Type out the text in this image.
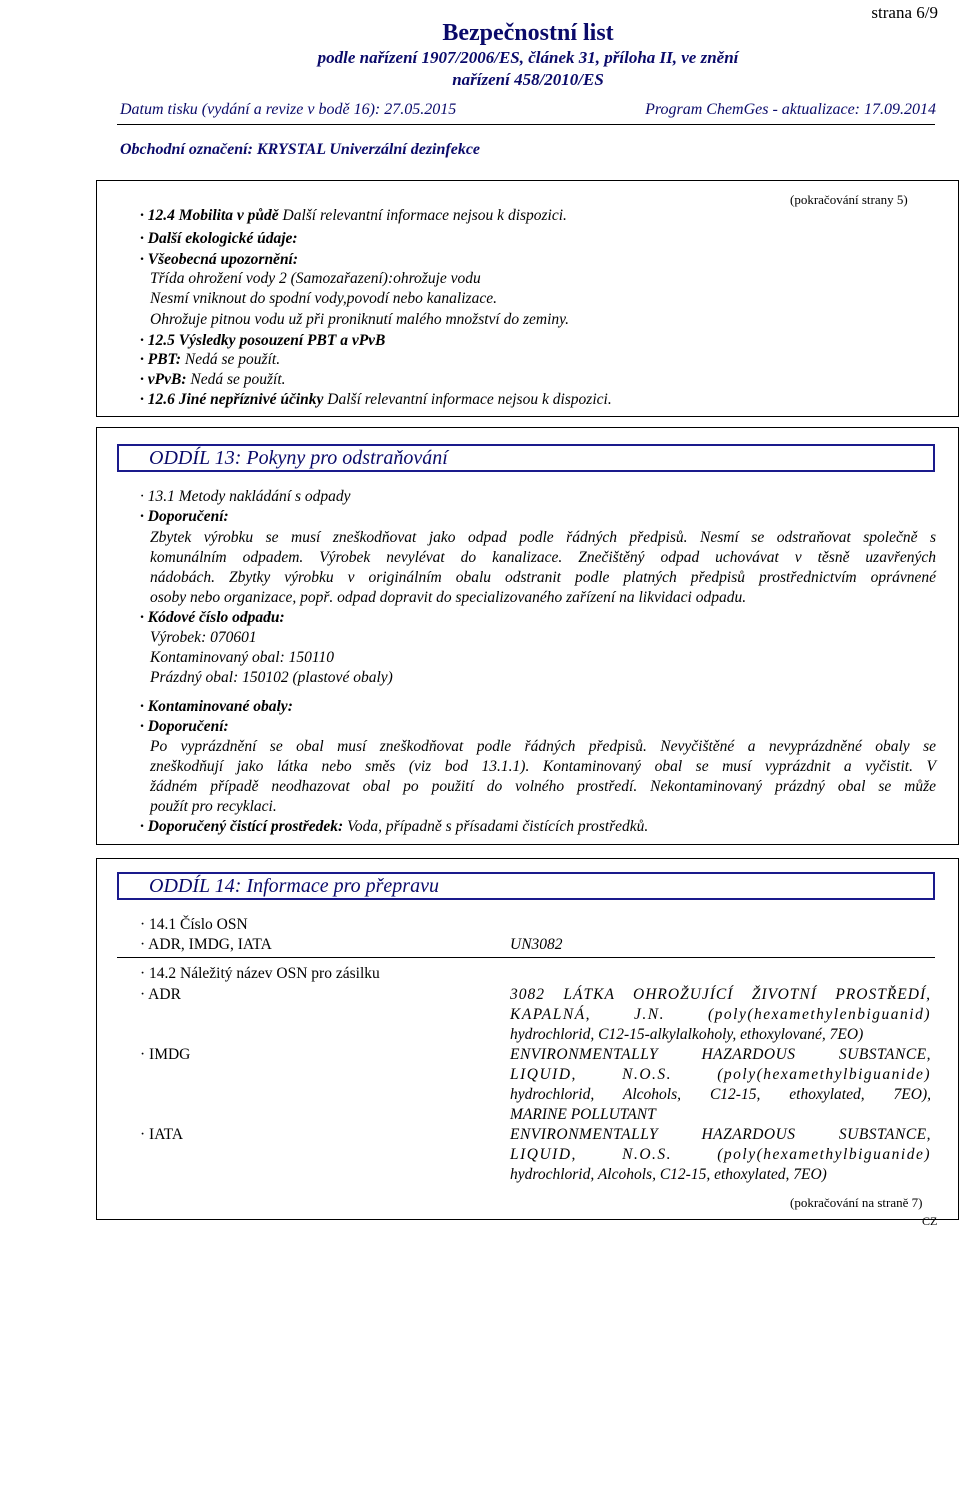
strana 6/9
Bezpečnostní list
podle nařízení 1907/2006/ES, článek 31, příloha II, ve znění
nařízení 458/2010/ES
Datum tisku (vydání a revize v bodě 16): 27.05.2015	Program ChemGes - aktualizace: 17.09.2014
Obchodní označení: KRYSTAL Univerzální dezinfekce
(pokračování strany 5)
· 12.4 Mobilita v půdě Další relevantní informace nejsou k dispozici.
· Další ekologické údaje:
· Všeobecná upozornění:
Třída ohrožení vody 2 (Samozařazení):ohrožuje vodu
Nesmí vniknout do spodní vody,povodí nebo kanalizace.
Ohrožuje pitnou vodu už při proniknutí malého množství do zeminy.
· 12.5 Výsledky posouzení PBT a vPvB
· PBT: Nedá se použít.
· vPvB: Nedá se použít.
· 12.6 Jiné nepříznivé účinky Další relevantní informace nejsou k dispozici.
ODDÍL 13: Pokyny pro odstraňování
· 13.1 Metody nakládání s odpady
· Doporučení:
Zbytek výrobku se musí zneškodňovat jako odpad podle řádných předpisů. Nesmí se odstraňovat společně s
komunálním odpadem. Výrobek nevylévat do kanalizace. Znečištěný odpad uchovávat v těsně uzavřených
nádobách. Zbytky výrobku v originálním obalu odstranit podle platných předpisů prostřednictvím oprávnené
osoby nebo organizace, popř. odpad dopravit do specializovaného zařízení na likvidaci odpadu.
· Kódové číslo odpadu:
Výrobek: 070601
Kontaminovaný obal: 150110
Prázdný obal: 150102 (plastové obaly)
· Kontaminované obaly:
· Doporučení:
Po vyprázdnění se obal musí zneškodňovat podle řádných předpisů. Nevyčištěné a nevyprázdněné obaly se
zneškodňují jako látka nebo směs (viz bod 13.1.1). Kontaminovaný obal se musí vyprázdnit a vyčistit. V
žádném případě neodhazovat obal po použití do volného prostředí. Nekontaminovaný prázdný obal se může
použít pro recyklaci.
· Doporučený čistící prostředek: Voda, případně s přísadami čistících prostředků.
ODDÍL 14: Informace pro přepravu
· 14.1 Číslo OSN
· ADR, IMDG, IATA	UN3082
· 14.2 Náležitý název OSN pro zásilku
· ADR	3082 LÁTKA OHROŽUJÍCÍ ŽIVOTNÍ PROSTŘEDÍ,
KAPALNÁ, J.N. (poly(hexamethylenbiguanid)
hydrochlorid, C12-15-alkylalkoholy, ethoxylované, 7EO)
· IMDG	ENVIRONMENTALLY HAZARDOUS SUBSTANCE,
LIQUID, N.O.S. (poly(hexamethylbiguanide)
hydrochlorid, Alcohols, C12-15, ethoxylated, 7EO),
MARINE POLLUTANT
· IATA	ENVIRONMENTALLY HAZARDOUS SUBSTANCE,
LIQUID, N.O.S. (poly(hexamethylbiguanide)
hydrochlorid, Alcohols, C12-15, ethoxylated, 7EO)
(pokračování na straně 7)
CZ
